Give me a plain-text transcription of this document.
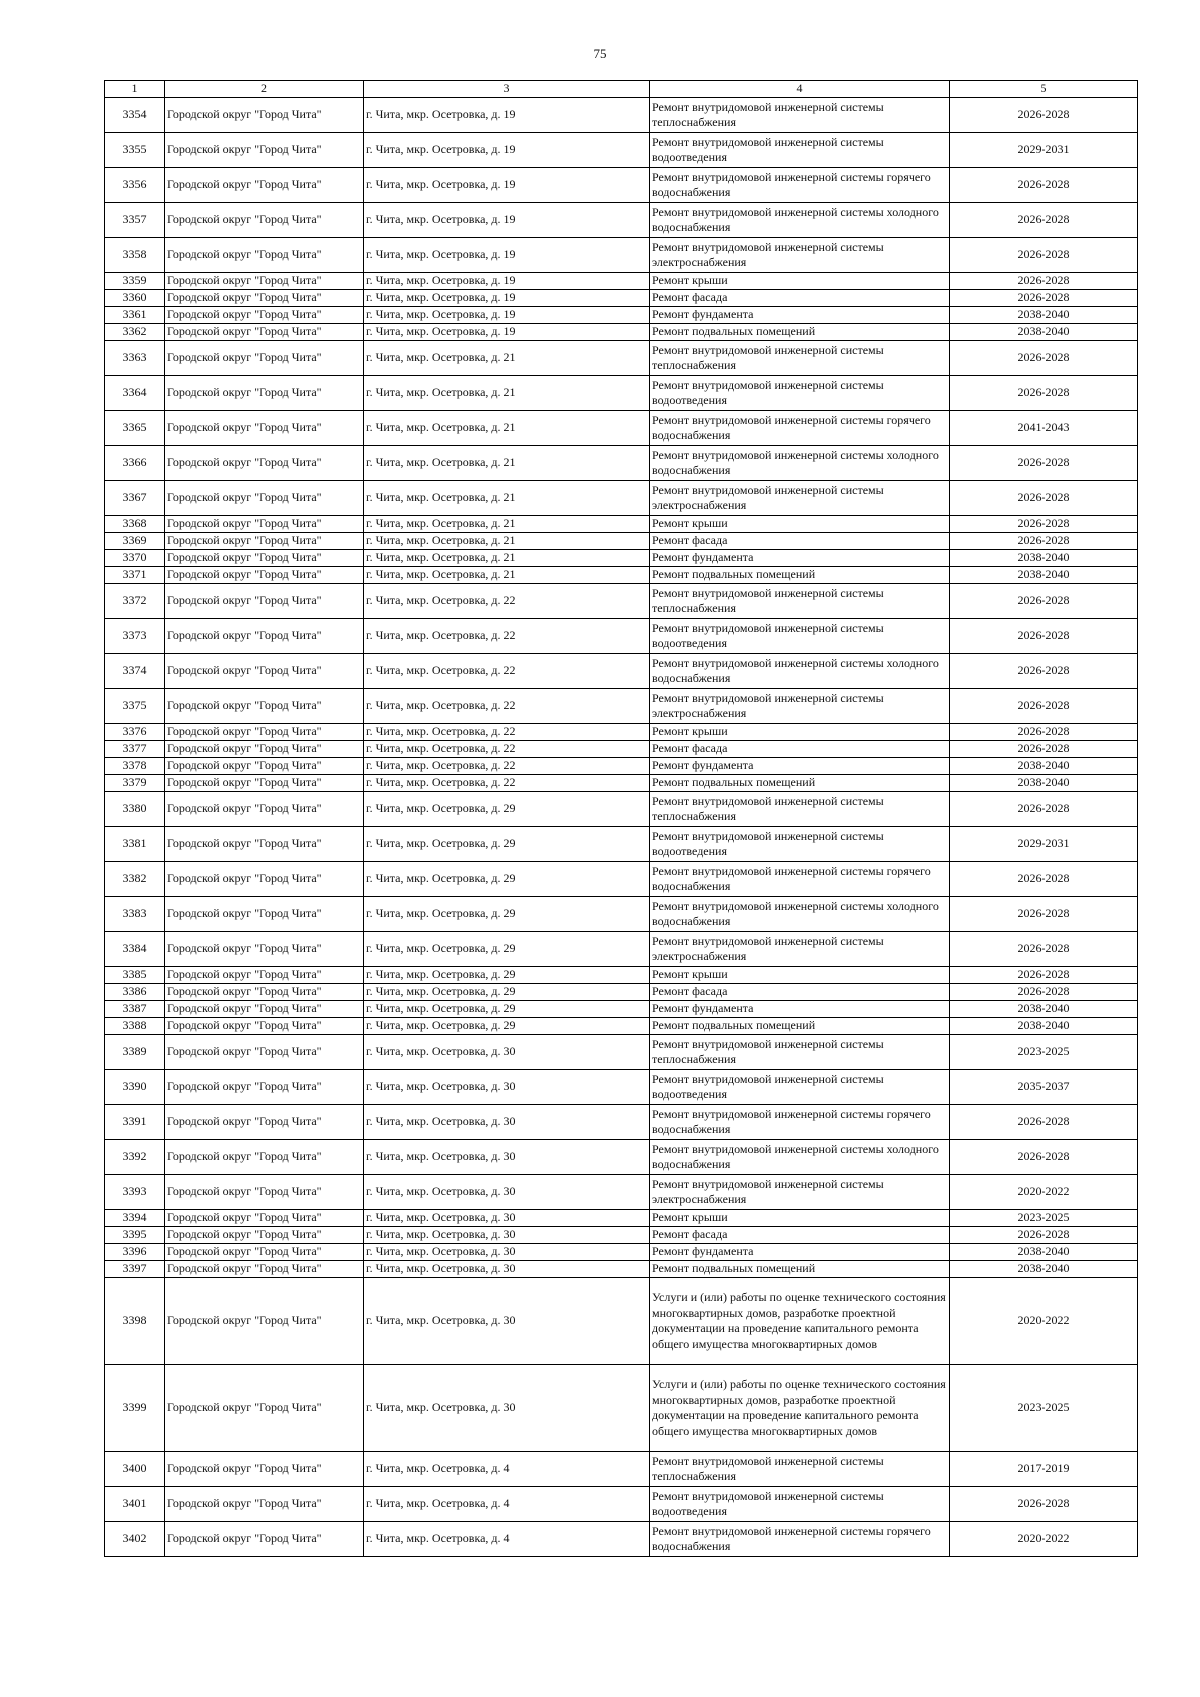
75
1	2	3	4	5
3354	Городской округ "Город Чита"	г. Чита, мкр. Осетровка, д. 19	Ремонт внутридомовой инженерной системы теплоснабжения	2026-2028
3355	Городской округ "Город Чита"	г. Чита, мкр. Осетровка, д. 19	Ремонт внутридомовой инженерной системы водоотведения	2029-2031
3356	Городской округ "Город Чита"	г. Чита, мкр. Осетровка, д. 19	Ремонт внутридомовой инженерной системы горячего водоснабжения	2026-2028
3357	Городской округ "Город Чита"	г. Чита, мкр. Осетровка, д. 19	Ремонт внутридомовой инженерной системы холодного водоснабжения	2026-2028
3358	Городской округ "Город Чита"	г. Чита, мкр. Осетровка, д. 19	Ремонт внутридомовой инженерной системы электроснабжения	2026-2028
3359	Городской округ "Город Чита"	г. Чита, мкр. Осетровка, д. 19	Ремонт крыши	2026-2028
3360	Городской округ "Город Чита"	г. Чита, мкр. Осетровка, д. 19	Ремонт фасада	2026-2028
3361	Городской округ "Город Чита"	г. Чита, мкр. Осетровка, д. 19	Ремонт фундамента	2038-2040
3362	Городской округ "Город Чита"	г. Чита, мкр. Осетровка, д. 19	Ремонт подвальных помещений	2038-2040
3363	Городской округ "Город Чита"	г. Чита, мкр. Осетровка, д. 21	Ремонт внутридомовой инженерной системы теплоснабжения	2026-2028
3364	Городской округ "Город Чита"	г. Чита, мкр. Осетровка, д. 21	Ремонт внутридомовой инженерной системы водоотведения	2026-2028
3365	Городской округ "Город Чита"	г. Чита, мкр. Осетровка, д. 21	Ремонт внутридомовой инженерной системы горячего водоснабжения	2041-2043
3366	Городской округ "Город Чита"	г. Чита, мкр. Осетровка, д. 21	Ремонт внутридомовой инженерной системы холодного водоснабжения	2026-2028
3367	Городской округ "Город Чита"	г. Чита, мкр. Осетровка, д. 21	Ремонт внутридомовой инженерной системы электроснабжения	2026-2028
3368	Городской округ "Город Чита"	г. Чита, мкр. Осетровка, д. 21	Ремонт крыши	2026-2028
3369	Городской округ "Город Чита"	г. Чита, мкр. Осетровка, д. 21	Ремонт фасада	2026-2028
3370	Городской округ "Город Чита"	г. Чита, мкр. Осетровка, д. 21	Ремонт фундамента	2038-2040
3371	Городской округ "Город Чита"	г. Чита, мкр. Осетровка, д. 21	Ремонт подвальных помещений	2038-2040
3372	Городской округ "Город Чита"	г. Чита, мкр. Осетровка, д. 22	Ремонт внутридомовой инженерной системы теплоснабжения	2026-2028
3373	Городской округ "Город Чита"	г. Чита, мкр. Осетровка, д. 22	Ремонт внутридомовой инженерной системы водоотведения	2026-2028
3374	Городской округ "Город Чита"	г. Чита, мкр. Осетровка, д. 22	Ремонт внутридомовой инженерной системы холодного водоснабжения	2026-2028
3375	Городской округ "Город Чита"	г. Чита, мкр. Осетровка, д. 22	Ремонт внутридомовой инженерной системы электроснабжения	2026-2028
3376	Городской округ "Город Чита"	г. Чита, мкр. Осетровка, д. 22	Ремонт крыши	2026-2028
3377	Городской округ "Город Чита"	г. Чита, мкр. Осетровка, д. 22	Ремонт фасада	2026-2028
3378	Городской округ "Город Чита"	г. Чита, мкр. Осетровка, д. 22	Ремонт фундамента	2038-2040
3379	Городской округ "Город Чита"	г. Чита, мкр. Осетровка, д. 22	Ремонт подвальных помещений	2038-2040
3380	Городской округ "Город Чита"	г. Чита, мкр. Осетровка, д. 29	Ремонт внутридомовой инженерной системы теплоснабжения	2026-2028
3381	Городской округ "Город Чита"	г. Чита, мкр. Осетровка, д. 29	Ремонт внутридомовой инженерной системы водоотведения	2029-2031
3382	Городской округ "Город Чита"	г. Чита, мкр. Осетровка, д. 29	Ремонт внутридомовой инженерной системы горячего водоснабжения	2026-2028
3383	Городской округ "Город Чита"	г. Чита, мкр. Осетровка, д. 29	Ремонт внутридомовой инженерной системы холодного водоснабжения	2026-2028
3384	Городской округ "Город Чита"	г. Чита, мкр. Осетровка, д. 29	Ремонт внутридомовой инженерной системы электроснабжения	2026-2028
3385	Городской округ "Город Чита"	г. Чита, мкр. Осетровка, д. 29	Ремонт крыши	2026-2028
3386	Городской округ "Город Чита"	г. Чита, мкр. Осетровка, д. 29	Ремонт фасада	2026-2028
3387	Городской округ "Город Чита"	г. Чита, мкр. Осетровка, д. 29	Ремонт фундамента	2038-2040
3388	Городской округ "Город Чита"	г. Чита, мкр. Осетровка, д. 29	Ремонт подвальных помещений	2038-2040
3389	Городской округ "Город Чита"	г. Чита, мкр. Осетровка, д. 30	Ремонт внутридомовой инженерной системы теплоснабжения	2023-2025
3390	Городской округ "Город Чита"	г. Чита, мкр. Осетровка, д. 30	Ремонт внутридомовой инженерной системы водоотведения	2035-2037
3391	Городской округ "Город Чита"	г. Чита, мкр. Осетровка, д. 30	Ремонт внутридомовой инженерной системы горячего водоснабжения	2026-2028
3392	Городской округ "Город Чита"	г. Чита, мкр. Осетровка, д. 30	Ремонт внутридомовой инженерной системы холодного водоснабжения	2026-2028
3393	Городской округ "Город Чита"	г. Чита, мкр. Осетровка, д. 30	Ремонт внутридомовой инженерной системы электроснабжения	2020-2022
3394	Городской округ "Город Чита"	г. Чита, мкр. Осетровка, д. 30	Ремонт крыши	2023-2025
3395	Городской округ "Город Чита"	г. Чита, мкр. Осетровка, д. 30	Ремонт фасада	2026-2028
3396	Городской округ "Город Чита"	г. Чита, мкр. Осетровка, д. 30	Ремонт фундамента	2038-2040
3397	Городской округ "Город Чита"	г. Чита, мкр. Осетровка, д. 30	Ремонт подвальных помещений	2038-2040
3398	Городской округ "Город Чита"	г. Чита, мкр. Осетровка, д. 30	Услуги и (или) работы по оценке технического состояния многоквартирных домов, разработке проектной документации на проведение капитального ремонта общего имущества многоквартирных домов	2020-2022
3399	Городской округ "Город Чита"	г. Чита, мкр. Осетровка, д. 30	Услуги и (или) работы по оценке технического состояния многоквартирных домов, разработке проектной документации на проведение капитального ремонта общего имущества многоквартирных домов	2023-2025
3400	Городской округ "Город Чита"	г. Чита, мкр. Осетровка, д. 4	Ремонт внутридомовой инженерной системы теплоснабжения	2017-2019
3401	Городской округ "Город Чита"	г. Чита, мкр. Осетровка, д. 4	Ремонт внутридомовой инженерной системы водоотведения	2026-2028
3402	Городской округ "Город Чита"	г. Чита, мкр. Осетровка, д. 4	Ремонт внутридомовой инженерной системы горячего водоснабжения	2020-2022
